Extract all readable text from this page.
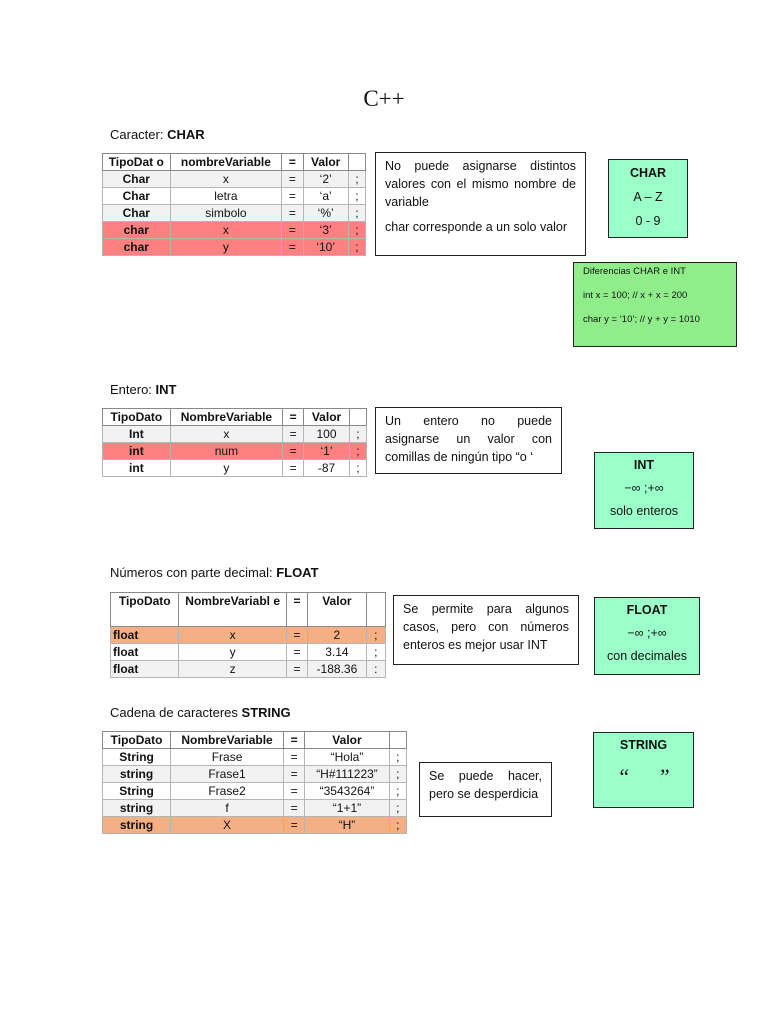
C++
Caracter: CHAR
TipoDat o	nombreVariable	=	Valor	
Char	x	=	‘2’	;
Char	letra	=	‘a’	;
Char	simbolo	=	‘%’	;
char	x	=	‘3’	;
char	y	=	‘10’	;

No puede asignarse distintos valores con el mismo nombre de variable

char corresponde a un solo valor

CHAR
A – Z
0 - 9
Diferencias CHAR e INT
int x = 100; // x + x = 200
char y = ‘10’; // y + y = 1010
Entero: INT
TipoDato	NombreVariable	=	Valor	
Int	x	=	100	;
int	num	=	‘1’	;
int	y	=	-87	;

Un entero no puede asignarse un valor con comillas de ningún tipo “o ‘

INT
−∞ ;+∞
solo enteros
Números con parte decimal: FLOAT
TipoDato	NombreVariabl e	=	Valor	
float	x	=	2	;
float	y	=	3.14	;
float	z	=	-188.36	:

Se permite para algunos casos, pero con números enteros es mejor usar INT

FLOAT
−∞ ;+∞
con decimales
Cadena de caracteres STRING
TipoDato	NombreVariable	=	Valor	
String	Frase	=	“Hola”	;
string	Frase1	=	“H#111223”	;
String	Frase2	=	“3543264”	;
string	f	=	“1+1”	;
string	X	=	“H”	;

Se puede hacer, pero se desperdicia

STRING
“ ”
